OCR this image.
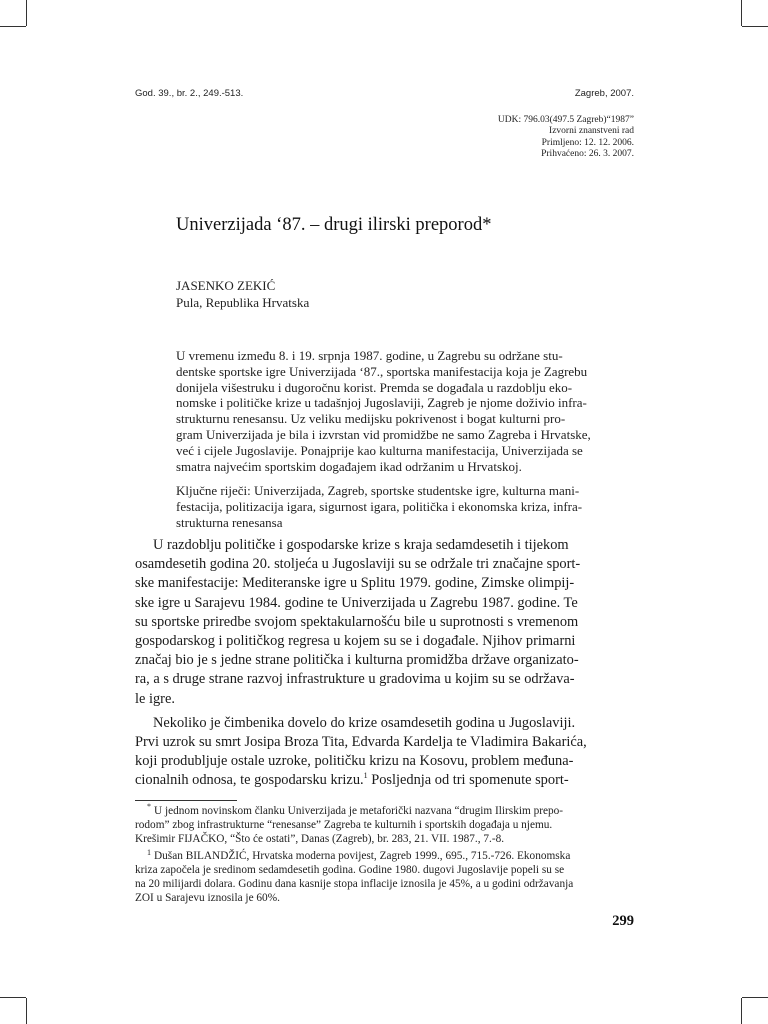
God. 39., br. 2., 249.-513.	Zagreb, 2007.
UDK: 796.03(497.5 Zagreb)“1987”
Izvorni znanstveni rad
Primljeno: 12. 12. 2006.
Prihvaćeno: 26. 3. 2007.
Univerzijada ‘87. – drugi ilirski preporod*
JASENKO ZEKIĆ
Pula, Republika Hrvatska
U vremenu između 8. i 19. srpnja 1987. godine, u Zagrebu su održane stu-
dentske sportske igre Univerzijada ‘87., sportska manifestacija koja je Zagrebu
donijela višestruku i dugoročnu korist. Premda se događala u razdoblju eko-
nomske i političke krize u tadašnjoj Jugoslaviji, Zagreb je njome doživio infra-
strukturnu renesansu. Uz veliku medijsku pokrivenost i bogat kulturni pro-
gram Univerzijada je bila i izvrstan vid promidžbe ne samo Zagreba i Hrvatske,
već i cijele Jugoslavije. Ponajprije kao kulturna manifestacija, Univerzijada se
smatra najvećim sportskim događajem ikad održanim u Hrvatskoj.
Ključne riječi: Univerzijada, Zagreb, sportske studentske igre, kulturna mani-
festacija, politizacija igara, sigurnost igara, politička i ekonomska kriza, infra-
strukturna renesansa
U razdoblju političke i gospodarske krize s kraja sedamdesetih i tijekom
osamdesetih godina 20. stoljeća u Jugoslaviji su se održale tri značajne sport-
ske manifestacije: Mediteranske igre u Splitu 1979. godine, Zimske olimpij-
ske igre u Sarajevu 1984. godine te Univerzijada u Zagrebu 1987. godine. Te
su sportske priredbe svojom spektakularnošću bile u suprotnosti s vremenom
gospodarskog i političkog regresa u kojem su se i događale. Njihov primarni
značaj bio je s jedne strane politička i kulturna promidžba države organizato-
ra, a s druge strane razvoj infrastrukture u gradovima u kojim su se održava-
le igre.
Nekoliko je čimbenika dovelo do krize osamdesetih godina u Jugoslaviji.
Prvi uzrok su smrt Josipa Broza Tita, Edvarda Kardelja te Vladimira Bakarića,
koji produbljuje ostale uzroke, političku krizu na Kosovu, problem međuna-
cionalnih odnosa, te gospodarsku krizu.$^1$ Posljednja od tri spomenute sport-
* U jednom novinskom članku Univerzijada je metaforički nazvana “drugim Ilirskim prepo-
rodom” zbog infrastrukturne “renesanse” Zagreba te kulturnih i sportskih događaja u njemu.
Krešimir FIJAČKO, “Što će ostati”, Danas (Zagreb), br. 283, 21. VII. 1987., 7.-8.
$^1$ Dušan BILANDŽIĆ, Hrvatska moderna povijest, Zagreb 1999., 695., 715.-726. Ekonomska
kriza započela je sredinom sedamdesetih godina. Godine 1980. dugovi Jugoslavije popeli su se
na 20 milijardi dolara. Godinu dana kasnije stopa inflacije iznosila je 45%, a u godini održavanja
ZOI u Sarajevu iznosila je 60%.
299
